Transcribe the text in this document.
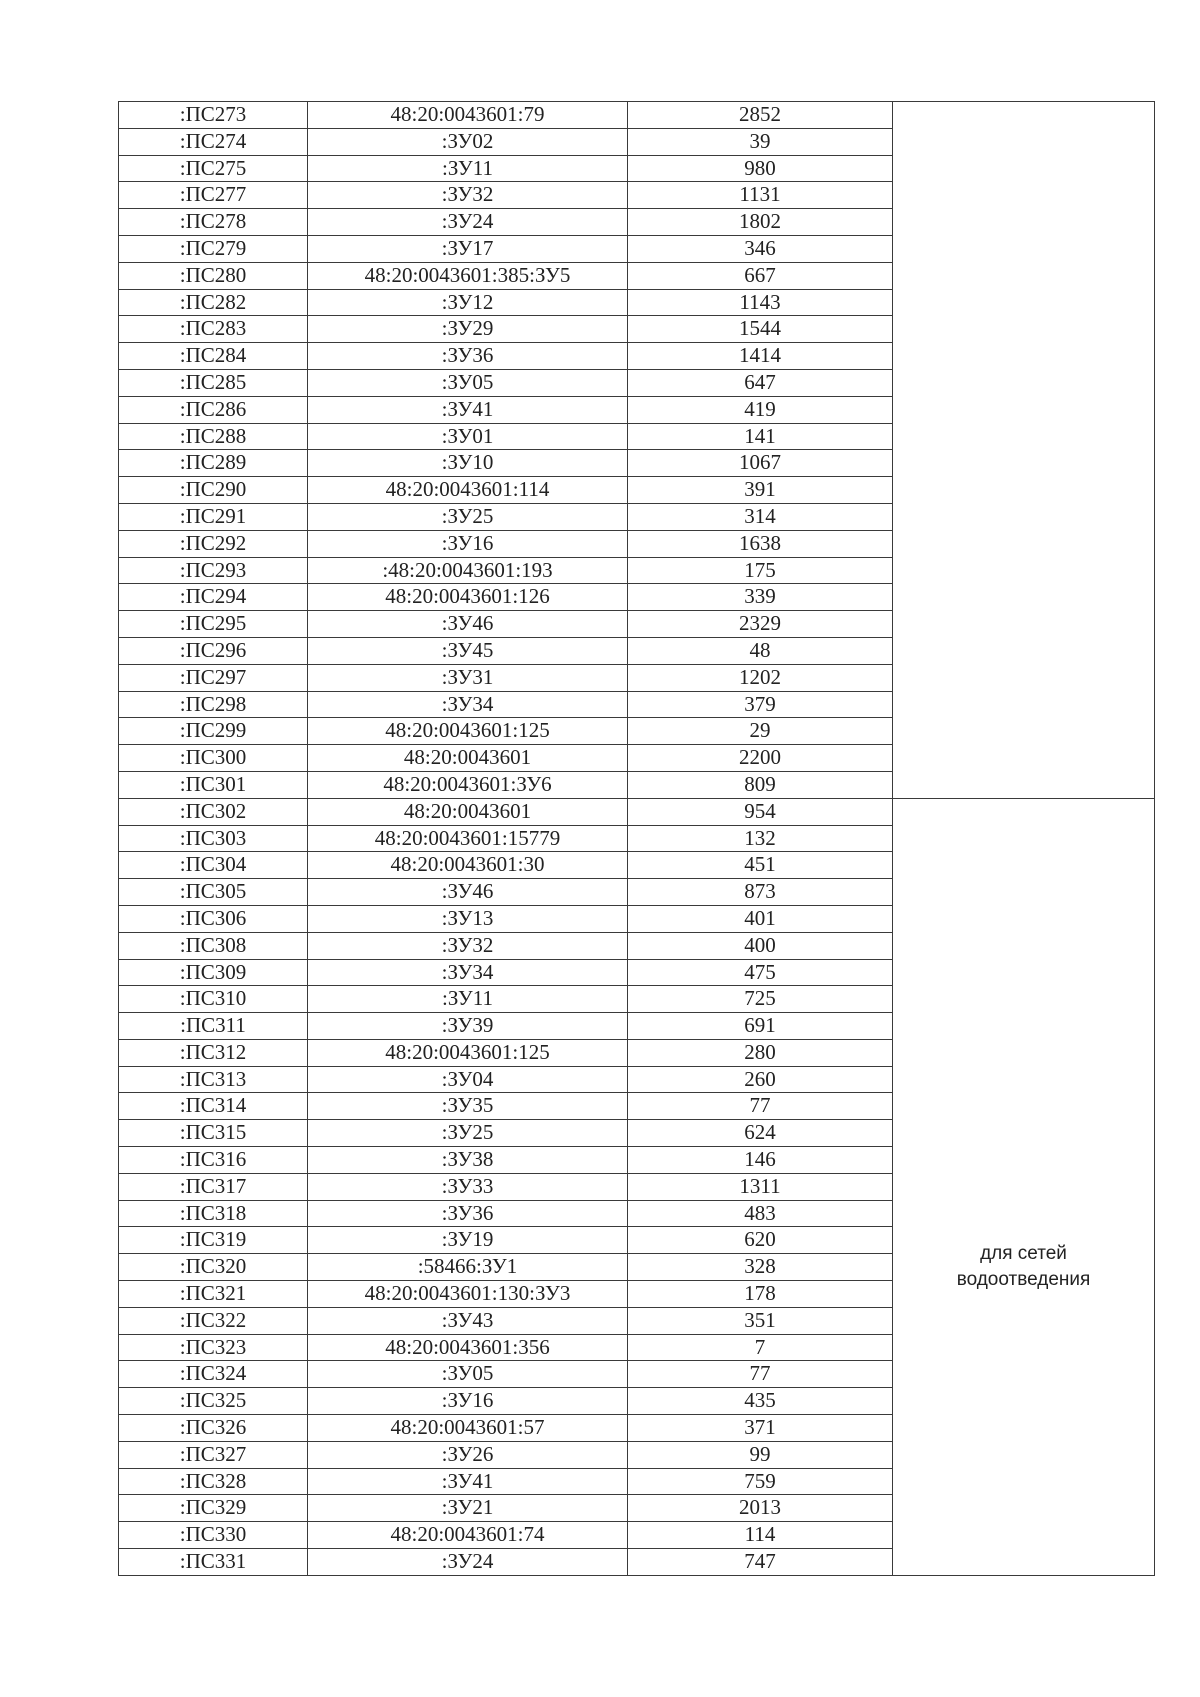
:ПС273	48:20:0043601:79	2852	

:ПС274	:ЗУ02	39	
:ПС275	:ЗУ11	980	
:ПС277	:ЗУ32	1131	
:ПС278	:ЗУ24	1802	
:ПС279	:ЗУ17	346	
:ПС280	48:20:0043601:385:ЗУ5	667	
:ПС282	:ЗУ12	1143	
:ПС283	:ЗУ29	1544	
:ПС284	:ЗУ36	1414	
:ПС285	:ЗУ05	647	
:ПС286	:ЗУ41	419	
:ПС288	:ЗУ01	141	
:ПС289	:ЗУ10	1067	
:ПС290	48:20:0043601:114	391	
:ПС291	:ЗУ25	314	
:ПС292	:ЗУ16	1638	
:ПС293	:48:20:0043601:193	175	
:ПС294	48:20:0043601:126	339	
:ПС295	:ЗУ46	2329	
:ПС296	:ЗУ45	48	
:ПС297	:ЗУ31	1202	
:ПС298	:ЗУ34	379	
:ПС299	48:20:0043601:125	29	
:ПС300	48:20:0043601	2200	
:ПС301	48:20:0043601:ЗУ6	809	
:ПС302	48:20:0043601	954	для сетей
водоотведения

:ПС303	48:20:0043601:15779	132	
:ПС304	48:20:0043601:30	451	
:ПС305	:ЗУ46	873	
:ПС306	:ЗУ13	401	
:ПС308	:ЗУ32	400	
:ПС309	:ЗУ34	475	
:ПС310	:ЗУ11	725	
:ПС311	:ЗУ39	691	
:ПС312	48:20:0043601:125	280	
:ПС313	:ЗУ04	260	
:ПС314	:ЗУ35	77	
:ПС315	:ЗУ25	624	
:ПС316	:ЗУ38	146	
:ПС317	:ЗУ33	1311	
:ПС318	:ЗУ36	483	
:ПС319	:ЗУ19	620	
:ПС320	:58466:ЗУ1	328	
:ПС321	48:20:0043601:130:ЗУ3	178	
:ПС322	:ЗУ43	351	
:ПС323	48:20:0043601:356	7	
:ПС324	:ЗУ05	77	
:ПС325	:ЗУ16	435	
:ПС326	48:20:0043601:57	371	
:ПС327	:ЗУ26	99	
:ПС328	:ЗУ41	759	
:ПС329	:ЗУ21	2013	
:ПС330	48:20:0043601:74	114	
:ПС331	:ЗУ24	747	
